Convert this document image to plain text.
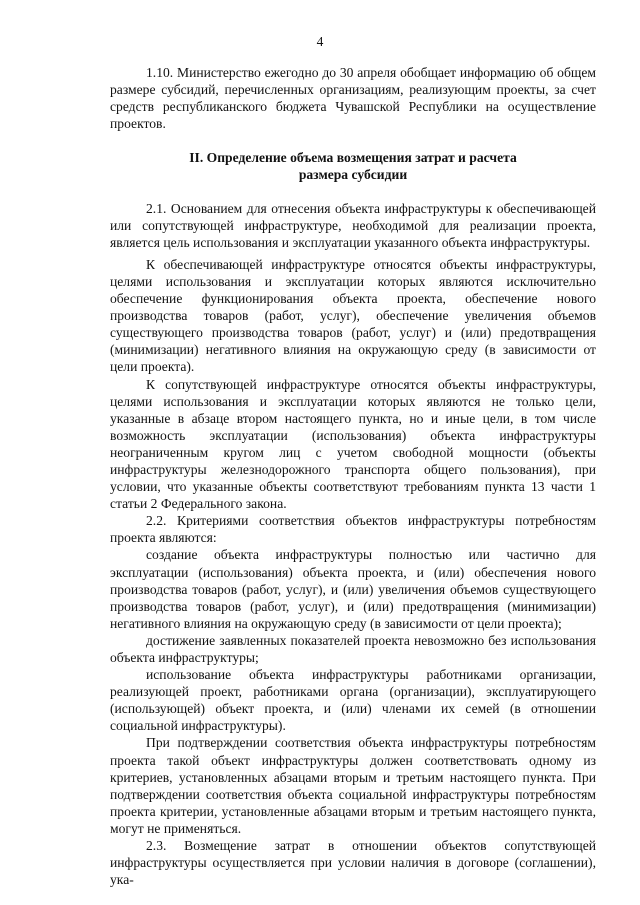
4

1.10. Министерство ежегодно до 30 апреля обобщает информацию об общем размере субсидий, перечисленных организациям, реализующим проекты, за счет средств республиканского бюджета Чувашской Республики на осуществление проектов.

II. Определение объема возмещения затрат и расчета
размера субсидии

2.1. Основанием для отнесения объекта инфраструктуры к обеспечивающей или сопутствующей инфраструктуре, необходимой для реализации проекта, является цель использования и эксплуатации указанного объекта инфраструктуры.

К обеспечивающей инфраструктуре относятся объекты инфраструктуры, целями использования и эксплуатации которых являются исключительно обеспечение функционирования объекта проекта, обеспечение нового производства товаров (работ, услуг), обеспечение увеличения объемов существующего производства товаров (работ, услуг) и (или) предотвращения (минимизации) негативного влияния на окружающую среду (в зависимости от цели проекта).

К сопутствующей инфраструктуре относятся объекты инфраструктуры, целями использования и эксплуатации которых являются не только цели, указанные в абзаце втором настоящего пункта, но и иные цели, в том числе возможность эксплуатации (использования) объекта инфраструктуры неограниченным кругом лиц с учетом свободной мощности (объекты инфраструктуры железнодорожного транспорта общего пользования), при условии, что указанные объекты соответствуют требованиям пункта 13 части 1 статьи 2 Федерального закона.

2.2. Критериями соответствия объектов инфраструктуры потребностям проекта являются:

создание объекта инфраструктуры полностью или частично для эксплуатации (использования) объекта проекта, и (или) обеспечения нового производства товаров (работ, услуг), и (или) увеличения объемов существующего производства товаров (работ, услуг), и (или) предотвращения (минимизации) негативного влияния на окружающую среду (в зависимости от цели проекта);

достижение заявленных показателей проекта невозможно без использования объекта инфраструктуры;

использование объекта инфраструктуры работниками организации, реализующей проект, работниками органа (организации), эксплуатирующего (использующей) объект проекта, и (или) членами их семей (в отношении социальной инфраструктуры).

При подтверждении соответствия объекта инфраструктуры потребностям проекта такой объект инфраструктуры должен соответствовать одному из критериев, установленных абзацами вторым и третьим настоящего пункта. При подтверждении соответствия объекта социальной инфраструктуры потребностям проекта критерии, установленные абзацами вторым и третьим настоящего пункта, могут не применяться.

2.3. Возмещение затрат в отношении объектов сопутствующей инфраструктуры осуществляется при условии наличия в договоре (соглашении), ука-
